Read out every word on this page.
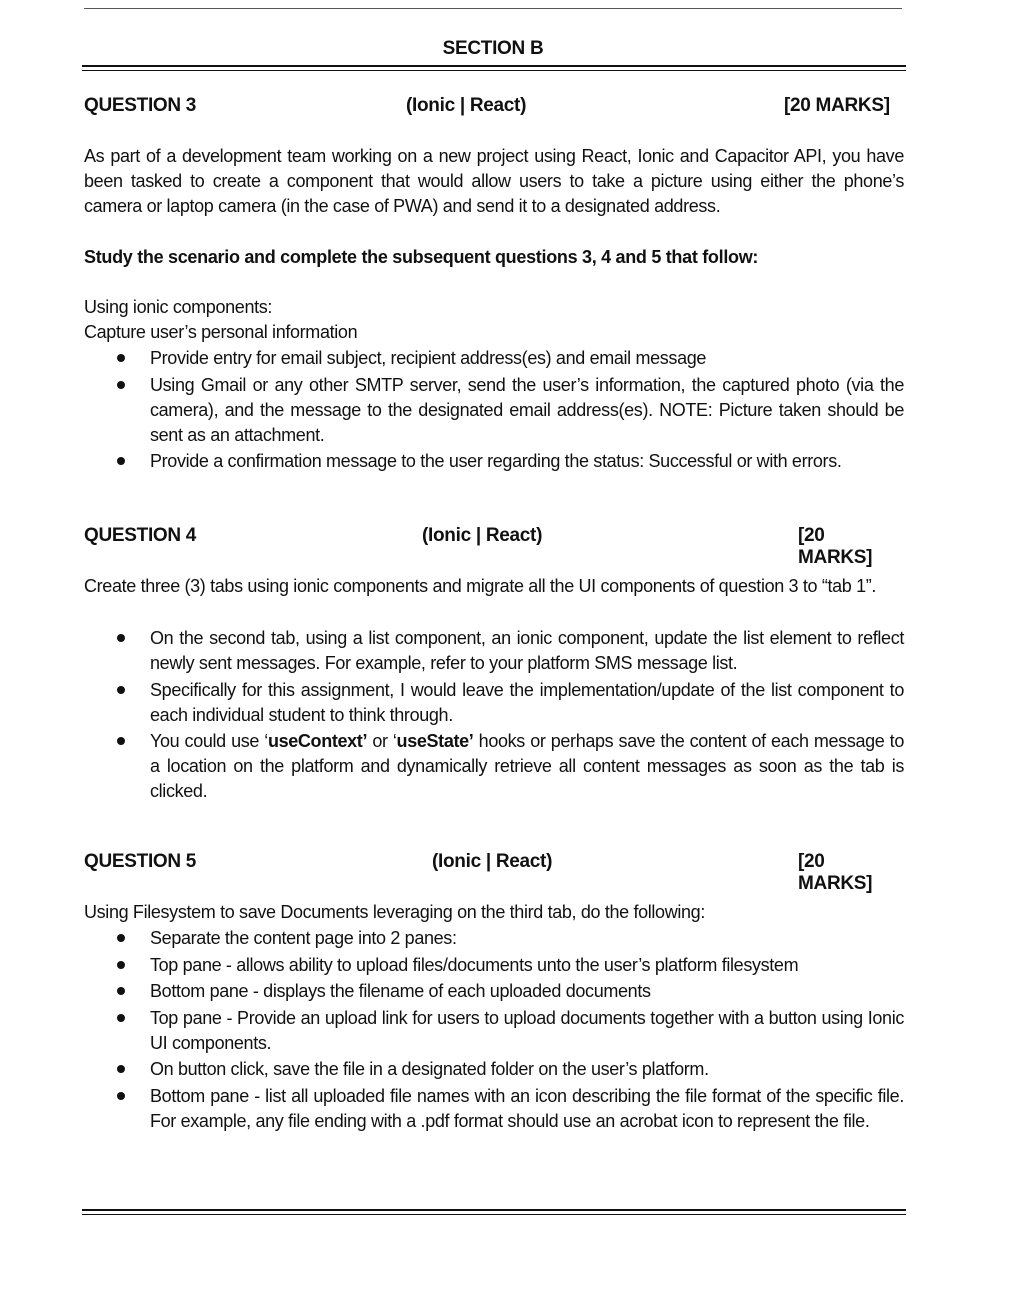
SECTION B
QUESTION 3	(Ionic | React)	[20 MARKS]
As part of a development team working on a new project using React, Ionic and Capacitor API, you have been tasked to create a component that would allow users to take a picture using either the phone’s camera or laptop camera (in the case of PWA) and send it to a designated address.
Study the scenario and complete the subsequent questions 3, 4 and 5 that follow:
Using ionic components:
Capture user’s personal information
Provide entry for email subject, recipient address(es) and email message
Using Gmail or any other SMTP server, send the user’s information, the captured photo (via the camera), and the message to the designated email address(es). NOTE: Picture taken should be sent as an attachment.
Provide a confirmation message to the user regarding the status: Successful or with errors.
QUESTION 4	(Ionic | React)	[20 MARKS]
Create three (3) tabs using ionic components and migrate all the UI components of question 3 to “tab 1”.
On the second tab, using a list component, an ionic component, update the list element to reflect newly sent messages. For example, refer to your platform SMS message list.
Specifically for this assignment, I would leave the implementation/update of the list component to each individual student to think through.
You could use ‘useContext’ or ‘useState’ hooks or perhaps save the content of each message to a location on the platform and dynamically retrieve all content messages as soon as the tab is clicked.
QUESTION 5	(Ionic | React)	[20 MARKS]
Using Filesystem to save Documents leveraging on the third tab, do the following:
Separate the content page into 2 panes:
Top pane - allows ability to upload files/documents unto the user’s platform filesystem
Bottom pane - displays the filename of each uploaded documents
Top pane - Provide an upload link for users to upload documents together with a button using Ionic UI components.
On button click, save the file in a designated folder on the user’s platform.
Bottom pane - list all uploaded file names with an icon describing the file format of the specific file. For example, any file ending with a .pdf format should use an acrobat icon to represent the file.
